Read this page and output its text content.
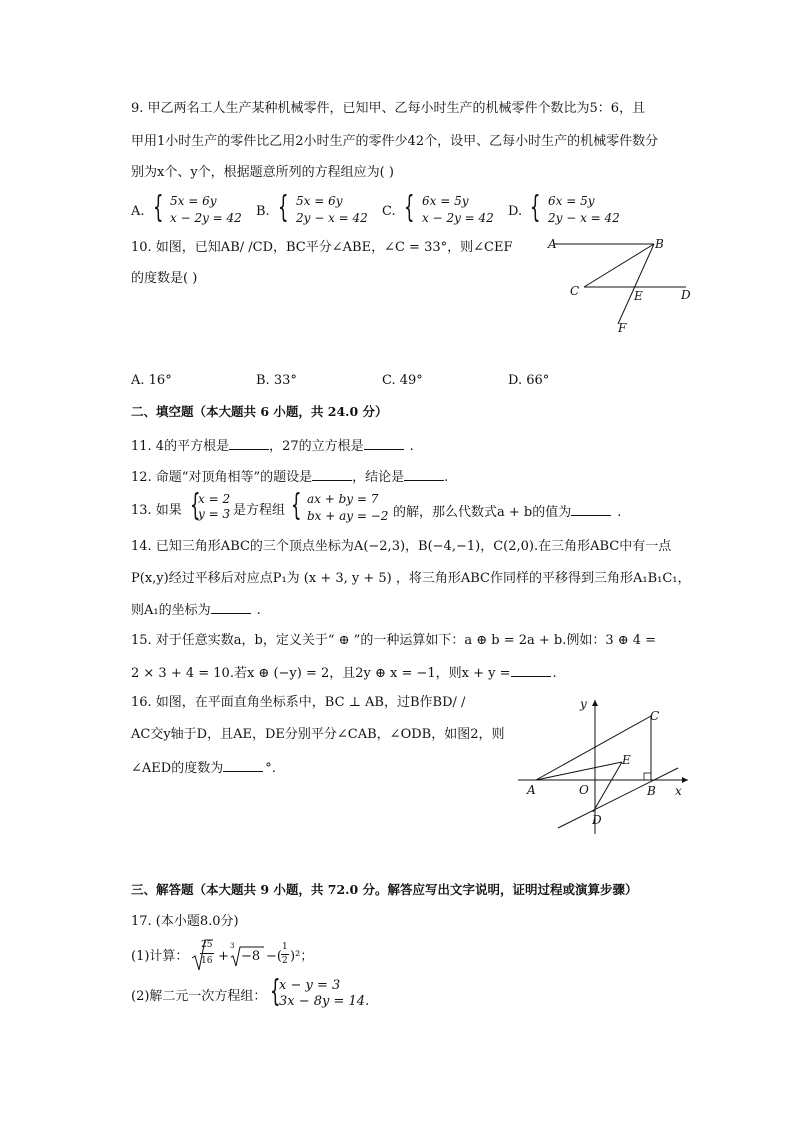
9. 甲乙两名工人生产某种机械零件，已知甲、乙每小时生产的机械零件个数比为5：6，且
甲用1小时生产的零件比乙用2小时生产的零件少42个，设甲、乙每小时生产的机械零件数分
别为x个、y个，根据题意所列的方程组应为( )
A. { 5x = 6y
x − 2y = 42 B. { 5x = 6y
2y − x = 42 C. { 6x = 5y
x − 2y = 42 D. { 6x = 5y
2y − x = 42
10. 如图，已知AB/ /CD，BC平分∠ABE，∠C = 33°，则∠CEF
的度数是( )
A	B
C	E	D
F
A. 16°	B. 33°	C. 49°	D. 66°
二、填空题（本大题共 6 小题，共 24.0 分）
11. 4的平方根是	，27的立方根是	.
12. 命题“对顶角相等”的题设是	，结论是	.
13. 如果 {
x = 2
y = 3 是方程组 { ax + by = 7
bx + ay = −2 的解，那么代数式a + b的值为	.
14. 已知三角形ABC的三个顶点坐标为A(−2,3)，B(−4,−1)，C(2,0).在三角形ABC中有一点
P(x,y)经过平移后对应点P₁为 (x + 3, y + 5) ，将三角形ABC作同样的平移得到三角形A₁B₁C₁，
则A₁的坐标为	.
15. 对于任意实数a，b，定义关于“ ⊕ ”的一种运算如下：a ⊕ b = 2a + b.例如：3 ⊕ 4 =
2 × 3 + 4 = 10.若x ⊕ (−y) = 2，且2y ⊕ x = −1，则x + y =	.
16. 如图，在平面直角坐标系中，BC ⊥ AB，过B作BD/ /
AC交y轴于D，且AE，DE分别平分∠CAB，∠ODB，如图2，则
∠AED的度数为	°.
y
x
A	O	B
C
D
E
三、解答题（本大题共 9 小题，共 72.0 分。解答应写出文字说明，证明过程或演算步骤）
17. (本小题8.0分)
(1)计算：
25
16 +
3
−8 −(
1
2 )²；
(2)解二元一次方程组： {
x − y = 3
3x − 8y = 14.
